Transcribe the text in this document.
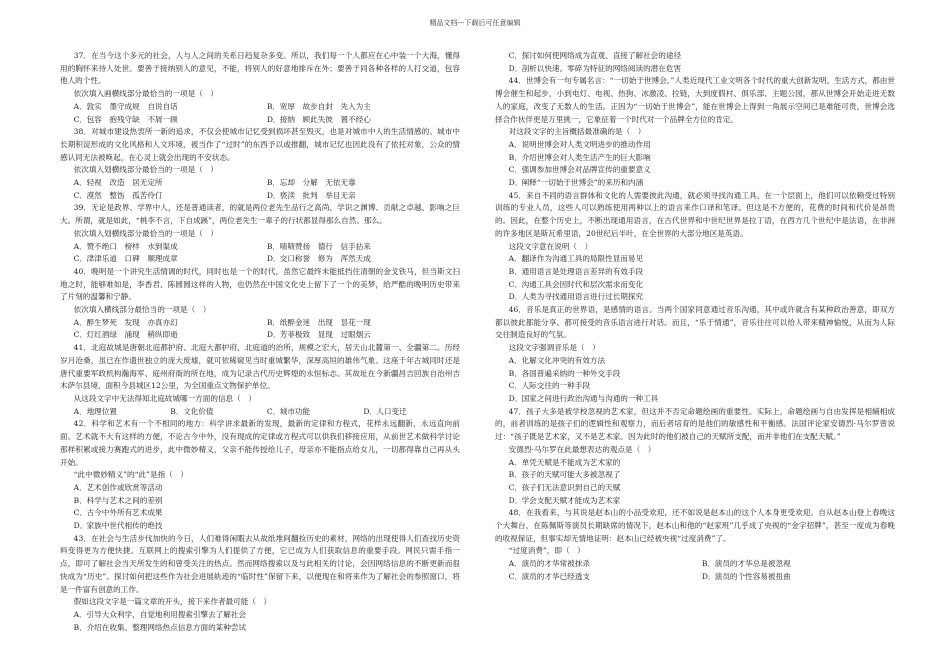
精品文档---下载后可任意编辑

37．在当今这个多元的社会，人与人之间的关系日趋复杂多变。所以，我们每一个人都应在心中装一个大海，懂得用的胸怀来待人处世。要善于接纳别人的意见，不能，将别人的好意地排斥在外；要善于同各种各样的人打交道，包容他人的个性。

依次填入画横线部分最恰当的一项是（　）

A． 敦实　墨守成规　自说自话	B． 宽厚　故步自封　先入为主
C． 包容　抱残守缺　不屑一顾	D． 接纳　顾此失彼　置不经心

38．对城市建设热衷所一新的追求，不仅会使城市记忆受到损坏甚至毁灭，也是对城市中人的生活情感的。城市中长期积淀形成的文化风格和人文环境，被当作了“过时”的东西予以或推翻，城市记忆也因此没有了依托对象，公众的情感认同无法被唤起，在心灵上就会出现的不安状态。

依次填入划横线部分最恰当的一项是（　）

A． 轻视　改造　居无定所	B． 忘却　分解　无依无靠
C． 漠然　整饬　孤苦伶仃	D． 亵渎　批判　举目无亲

39．无论是政界、学界中人，还是普通读者，的就是两位老先生品行之高尚、学识之渊博、贡献之卓越、影响之巨大。所谓，就是如此，“桃李不言，下自成蹊”，两位老先生一辈子的行状都显得那么自然、那么。

依次填入划横线部分最恰当的一项是（　）

A． 赞不绝口　榜样　水到渠成	B． 啧啧赞扬　德行　信手拈来
C． 津津乐道　口碑　顺理成章	D． 交口称誉　修为　浑然天成

40．晚明是一个讲究生活情调的时代，同时也是一个的时代，虽然它最终未能抵挡住清朝的金戈铁马，但当斯文扫地之时，能够难如是，李香君、陈圆圆这样的人物，也仍然在中国文化史上留下了一个的美梦，给严酷的晚明历史带来了片刻的温馨和宁静。

依次填入横线部分最恰当的一项是（　）

A． 醉生梦死　发现　亦真亦幻	B． 纸醉金迷　出现　昙花一现
C． 灯红酒绿　涌现　稍纵即逝	D． 芳菲极致　显现　过眼烟云

41．北庭故城是唐朝北庭都护府、北庭大都护府，北庭道的治所，规模之宏大，居天山北麓第一、全疆第二。历经岁月沧桑，虽已在作遗世独立的庞大废墟，就可依稀窥见当时重城繁华，深厚高垣的雄伟气象。这座千年古城同时还是唐代重要军政机构瀚海军、庭州府衙的所在地，成为记录古代历史辉煌的永恒标志。其故址在今新疆昌吉回族自治州吉木萨尔县境，面积今县城区12公里，为全国重点文物保护单位。

从这段文字中无法得知北庭故城哪一方面的信息（　）

A． 地理位置	B． 文化价值	C． 城市功能	D． 人口变迁

42．科学和艺术有一个不相同的地方：科学讲求最新的发现，最新的定律和方程式，花样永远翻新，永远直向前面。艺术就不大有这样的方便，不论古今中外，没有现成的定律或方程式可以供我们移接应用，从前世艺术做科学讨论那样积累或接力赛跑式的进步，此中微妙精义，父亲不能传授给儿子，母亲亦不能指点给女儿，一切都得靠自己再从头开始。

“此中微妙精义”的“此”是指（　）

A． 艺术创作或欣赏等活动
B． 科学与艺术之间的差别
C． 古今中外所有艺术成果
D． 家族中世代相传的绝技

43．在社会与生活步伐加快的今日，人们难得闲暇去从故纸堆间翻捡历史的素材，网络的出现使得人们查找历史资料变得更为方便快捷。互联网上的搜索引擎为人们提供了方便，它已成为人们获取信息的重要手段。网民只需手指一点，即可了解社会当天所发生的和曾受关注的热点。然而网络搜索以及与此相关的讨论，会因网络信息的不断更新而很快成为“历史”。探讨如何把这些作为社会进展轨迹的“临时性”保留下来，以便现在和将来作为了解社会的参照窗口，将是一件富有创意的工作。

假如这段文字是一篇文章的开头，接下来作者最可能（　）

A． 引导大众利学，自觉地利用搜索引擎去了解社会
B． 介绍在收集、整理网络热点信息方面的某种尝试
C． 探讨如何使网络成为直观、直接了解社会的途径
D． 剖析以快速、零碎为特征的网络阅读的潜在危害

44．世博会有一句专属名言：“一切始于世博会。”人类近现代工业文明各个时代的重大创新发明、生活方式，都由世博会催生和起步，小到电灯、电视、热狗、冰激凌、拉链，大到度假村、俱乐部、主题公园，都从世博会开始走进无数人的家庭，改变了无数人的生活。正因为“一切始于世博会”，能在世博会上得到一角展示空间已是难能可贵，世博会选择合作伙伴更是万里挑一，它象征着一个时代对一个品牌全方位的肯定。

对这段文字的主旨概括最准确的是（　）

A． 说明世博会对人类文明进步的推动作用
B． 介绍世博会对人类生活产生的巨大影响
C． 强调参加世博会对品牌宣传的重要意义
D． 阐释“一切始于世博会”的来历和内涵

45．来自不同的语言群体和文化的人需要彼此沟通，就必须寻找沟通工具。在一个层面上，他们可以依赖受过特别训练的专业人员，这些人可以熟练使用两种以上的语言来作口译和笔译。但这是不方便的，花费的时间和代价是昂贵的。因此，在整个历史上，不断出现通用语言，在古代世界和中世纪世界是拉丁语，在西方几个世纪中是法语，在非洲的许多地区是斯瓦希里语，20世纪后半叶，在全世界的大部分地区是英语。

这段文字意在说明（　）

A． 翻译作为沟通工具的局限性显而易见
B． 通用语言是处理语言差异的有效手段
C． 沟通工具会因时代和层次需求而变化
D． 人类为寻找通用语言进行过长期探究

46．音乐是真正的世界语，是感情的语言。当两个国家同意通过音乐沟通，其中或许就含有某种政治善意，即双方都以彼此都能分享、都可接受的音乐语言进行对话。而且，“乐于情通”，音乐往往可以给人带来精神愉悦，从而为人际交往制造良好的气氛。

这段文字强调音乐是（　）

A． 化解文化冲突的有效方法
B． 各国普遍采纳的一种外交手段
C． 人际交往的一种手段
D． 国家之间进行政治沟通与沟通的一种工具

47．孩子大多是被学校忽视的艺术家，但这并不否定命题绘画的重要性。实际上，命题绘画与自由发挥是相辅相成的，前者训练的是孩子们的逻辑性和观察力，而后者培育的是他们的敏感性和平衡感。法国评论家安德烈·马尔罗曾说过：“孩子既是艺术家，又不是艺术家。因为此时的他们被自己的天赋所支配，而并非他们在支配天赋。”

安德烈·马尔罗在此最想表达的观点是（　）

A． 单凭天赋是不能成为艺术家的
B． 孩子的天赋可能大多被忽视了
C． 孩子们无法意识到自己的天赋
D． 学会支配天赋才能成为艺术家

48．在我看来，与其说是赵本山的小品受欢迎，还不如说是赵本山的这个人本身更受欢迎。自从赵本山登上春晚这个大舞台，在陈佩斯等演员长期缺席的情况下，赵本山和他的“赵家班”几乎成了央视的“金字招牌”，甚至一度成为春晚的收视保证，但事实却无情地证明：赵本山已经被央视“过度消费”了。

“过度消费”，即（　）

A． 演员的才华常被抹杀	B． 演员的才华总是被忽视
C． 演员的才华已经透支	D． 演员的个性容易被扭曲
